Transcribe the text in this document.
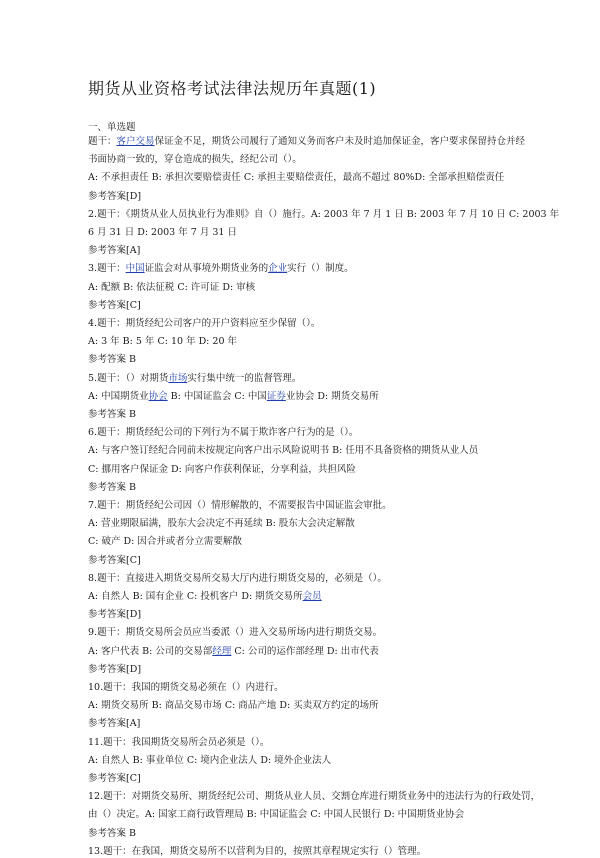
期货从业资格考试法律法规历年真题(1)
一、单选题
题干：客户交易保证金不足，期货公司履行了通知义务而客户未及时追加保证金，客户要求保留持仓并经
书面协商一致的，穿仓造成的损失，经纪公司（）。
A: 不承担责任 B: 承担次要赔偿责任 C: 承担主要赔偿责任，最高不超过 80%D: 全部承担赔偿责任
参考答案[D]
2.题干：《期货从业人员执业行为准则》自（）施行。A: 2003 年 7 月 1 日 B: 2003 年 7 月 10 日 C: 2003 年
6 月 31 日 D: 2003 年 7 月 31 日
参考答案[A]
3.题干：中国证监会对从事境外期货业务的企业实行（）制度。
A: 配额 B: 依法征税 C: 许可证 D: 审核
参考答案[C]
4.题干：期货经纪公司客户的开户资料应至少保留（）。
A: 3 年 B: 5 年 C: 10 年 D: 20 年
参考答案 B
5.题干：（）对期货市场实行集中统一的监督管理。
A: 中国期货业协会 B: 中国证监会 C: 中国证券业协会 D: 期货交易所
参考答案 B
6.题干：期货经纪公司的下列行为不属于欺诈客户行为的是（）。
A: 与客户签订经纪合同前未按规定向客户出示风险说明书 B: 任用不具备资格的期货从业人员
C: 挪用客户保证金 D: 向客户作获利保证，分享利益，共担风险
参考答案 B
7.题干：期货经纪公司因（）情形解散的，不需要报告中国证监会审批。
A: 营业期限届满，股东大会决定不再延续 B: 股东大会决定解散
C: 破产 D: 因合并或者分立需要解散
参考答案[C]
8.题干：直接进入期货交易所交易大厅内进行期货交易的，必须是（）。
A: 自然人 B: 国有企业 C: 投机客户 D: 期货交易所会员
参考答案[D]
9.题干：期货交易所会员应当委派（）进入交易所场内进行期货交易。
A: 客户代表 B: 公司的交易部经理 C: 公司的运作部经理 D: 出市代表
参考答案[D]
10.题干：我国的期货交易必须在（）内进行。
A: 期货交易所 B: 商品交易市场 C: 商品产地 D: 买卖双方约定的场所
参考答案[A]
11.题干：我国期货交易所会员必须是（）。
A: 自然人 B: 事业单位 C: 境内企业法人 D: 境外企业法人
参考答案[C]
12.题干：对期货交易所、期货经纪公司、期货从业人员、交割仓库进行期货业务中的违法行为的行政处罚，
由（）决定。A: 国家工商行政管理局 B: 中国证监会 C: 中国人民银行 D: 中国期货业协会
参考答案 B
13.题干：在我国，期货交易所不以营利为目的，按照其章程规定实行（）管理。
